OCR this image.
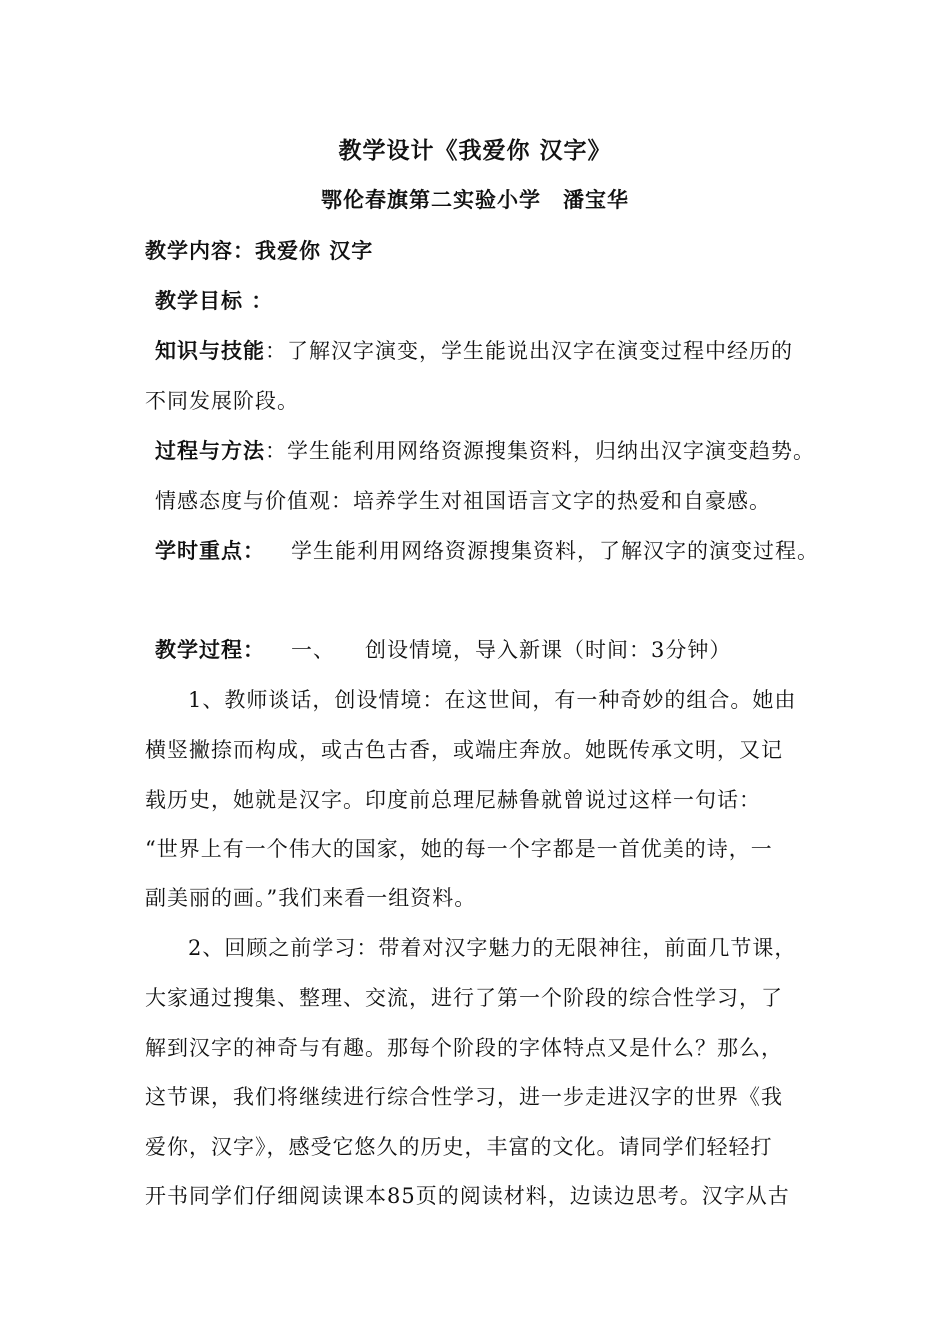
教学设计《我爱你 汉字》
鄂伦春旗第二实验小学　潘宝华
教学内容：我爱你 汉字
教学目标 ：
知识与技能：了解汉字演变，学生能说出汉字在演变过程中经历的
不同发展阶段。
过程与方法：学生能利用网络资源搜集资料，归纳出汉字演变趋势。
情感态度与价值观：培养学生对祖国语言文字的热爱和自豪感。
学时重点： 学生能利用网络资源搜集资料，了解汉字的演变过程。
教学过程： 一、 创设情境，导入新课（时间：3分钟）
1、教师谈话，创设情境：在这世间，有一种奇妙的组合。她由
横竖撇捺而构成，或古色古香，或端庄奔放。她既传承文明，又记
载历史，她就是汉字。印度前总理尼赫鲁就曾说过这样一句话：
“世界上有一个伟大的国家，她的每一个字都是一首优美的诗，一
副美丽的画。”我们来看一组资料。
2、回顾之前学习：带着对汉字魅力的无限神往，前面几节课，
大家通过搜集、整理、交流，进行了第一个阶段的综合性学习，了
解到汉字的神奇与有趣。那每个阶段的字体特点又是什么？那么，
这节课，我们将继续进行综合性学习，进一步走进汉字的世界《我
爱你，汉字》，感受它悠久的历史，丰富的文化。请同学们轻轻打
开书同学们仔细阅读课本85页的阅读材料，边读边思考。汉字从古
